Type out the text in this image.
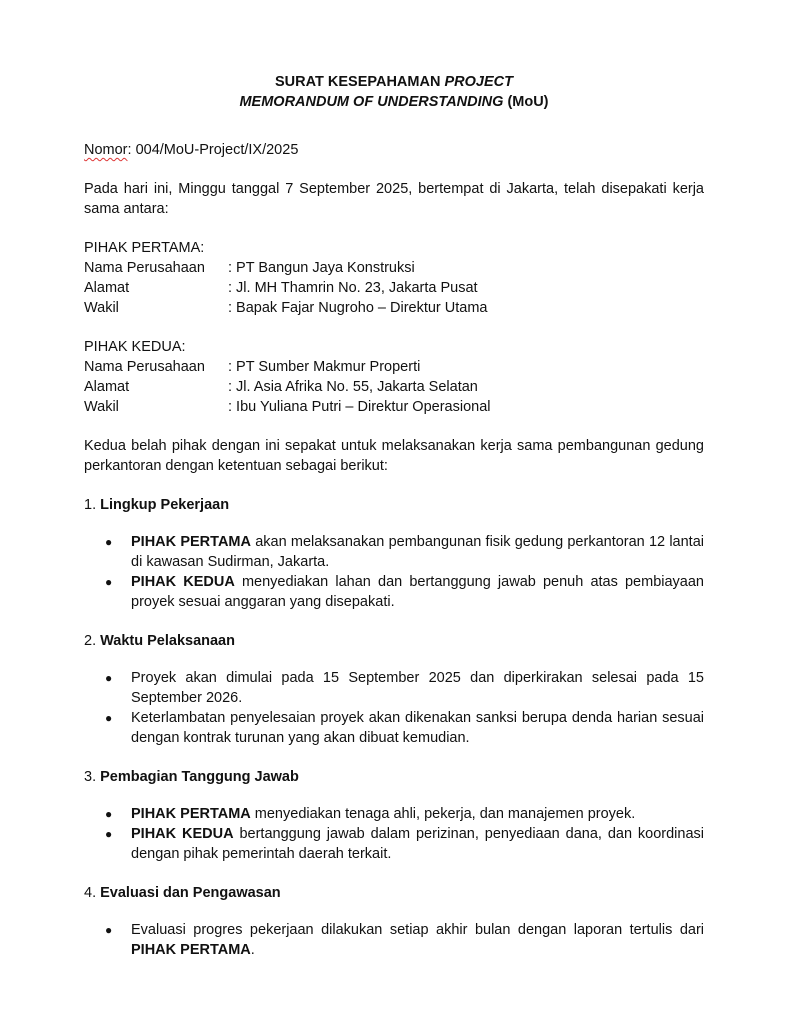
SURAT KESEPAHAMAN PROJECT
MEMORANDUM OF UNDERSTANDING (MoU)
Nomor: 004/MoU-Project/IX/2025
Pada hari ini, Minggu tanggal 7 September 2025, bertempat di Jakarta, telah disepakati kerja sama antara:
PIHAK PERTAMA:
Nama Perusahaan	: PT Bangun Jaya Konstruksi
Alamat	: Jl. MH Thamrin No. 23, Jakarta Pusat
Wakil	: Bapak Fajar Nugroho – Direktur Utama
PIHAK KEDUA:
Nama Perusahaan	: PT Sumber Makmur Properti
Alamat	: Jl. Asia Afrika No. 55, Jakarta Selatan
Wakil	: Ibu Yuliana Putri – Direktur Operasional
Kedua belah pihak dengan ini sepakat untuk melaksanakan kerja sama pembangunan gedung perkantoran dengan ketentuan sebagai berikut:
1. Lingkup Pekerjaan
● PIHAK PERTAMA akan melaksanakan pembangunan fisik gedung perkantoran 12 lantai di kawasan Sudirman, Jakarta.
● PIHAK KEDUA menyediakan lahan dan bertanggung jawab penuh atas pembiayaan proyek sesuai anggaran yang disepakati.
2. Waktu Pelaksanaan
● Proyek akan dimulai pada 15 September 2025 dan diperkirakan selesai pada 15 September 2026.
● Keterlambatan penyelesaian proyek akan dikenakan sanksi berupa denda harian sesuai dengan kontrak turunan yang akan dibuat kemudian.
3. Pembagian Tanggung Jawab
● PIHAK PERTAMA menyediakan tenaga ahli, pekerja, dan manajemen proyek.
● PIHAK KEDUA bertanggung jawab dalam perizinan, penyediaan dana, dan koordinasi dengan pihak pemerintah daerah terkait.
4. Evaluasi dan Pengawasan
● Evaluasi progres pekerjaan dilakukan setiap akhir bulan dengan laporan tertulis dari PIHAK PERTAMA.
